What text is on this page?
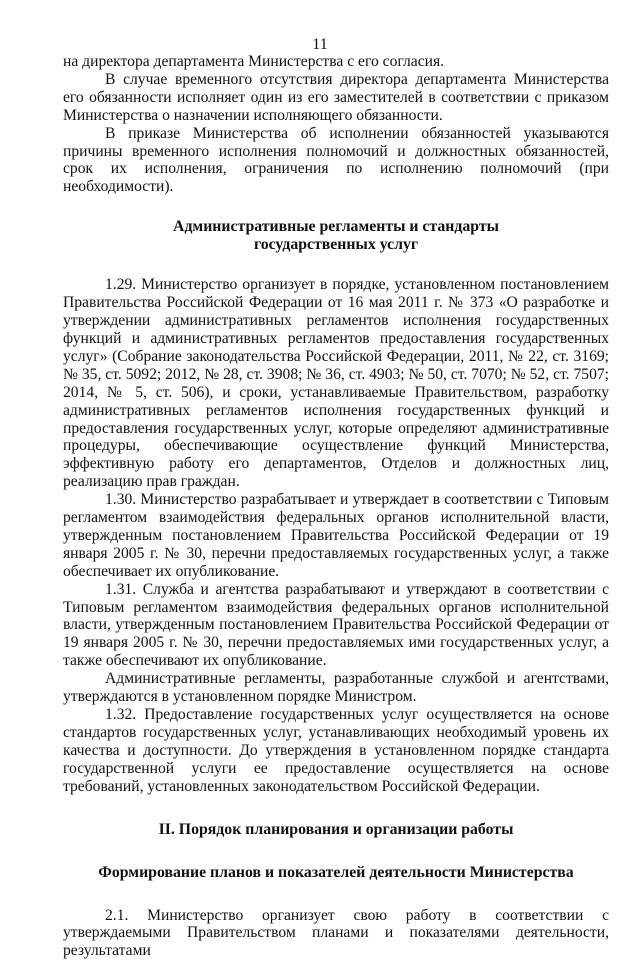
11

на директора департамента Министерства с его согласия.

В случае временного отсутствия директора департамента Министерства его обязанности исполняет один из его заместителей в соответствии с приказом Министерства о назначении исполняющего обязанности.

В приказе Министерства об исполнении обязанностей указываются причины временного исполнения полномочий и должностных обязанностей, срок их исполнения, ограничения по исполнению полномочий (при необходимости).

Административные регламенты и стандарты

государственных услуг

1.29. Министерство организует в порядке, установленном постановлением Правительства Российской Федерации от 16 мая 2011 г. № 373 «О разработке и утверждении административных регламентов исполнения государственных функций и административных регламентов предоставления государственных услуг» (Собрание законодательства Российской Федерации, 2011, № 22, ст. 3169; № 35, ст. 5092; 2012, № 28, ст. 3908; № 36, ст. 4903; № 50, ст. 7070; № 52, ст. 7507; 2014, № 5, ст. 506), и сроки, устанавливаемые Правительством, разработку административных регламентов исполнения государственных функций и предоставления государственных услуг, которые определяют административные процедуры, обеспечивающие осуществление функций Министерства, эффективную работу его департаментов, Отделов и должностных лиц, реализацию прав граждан.

1.30. Министерство разрабатывает и утверждает в соответствии с Типовым регламентом взаимодействия федеральных органов исполнительной власти, утвержденным постановлением Правительства Российской Федерации от 19 января 2005 г. № 30, перечни предоставляемых государственных услуг, а также обеспечивает их опубликование.

1.31. Служба и агентства разрабатывают и утверждают в соответствии с Типовым регламентом взаимодействия федеральных органов исполнительной власти, утвержденным постановлением Правительства Российской Федерации от 19 января 2005 г. № 30, перечни предоставляемых ими государственных услуг, а также обеспечивают их опубликование.

Административные регламенты, разработанные службой и агентствами, утверждаются в установленном порядке Министром.

1.32. Предоставление государственных услуг осуществляется на основе стандартов государственных услуг, устанавливающих необходимый уровень их качества и доступности. До утверждения в установленном порядке стандарта государственной услуги ее предоставление осуществляется на основе требований, установленных законодательством Российской Федерации.

II. Порядок планирования и организации работы

Формирование планов и показателей деятельности Министерства

2.1. Министерство организует свою работу в соответствии с утверждаемыми Правительством планами и показателями деятельности, результатами
